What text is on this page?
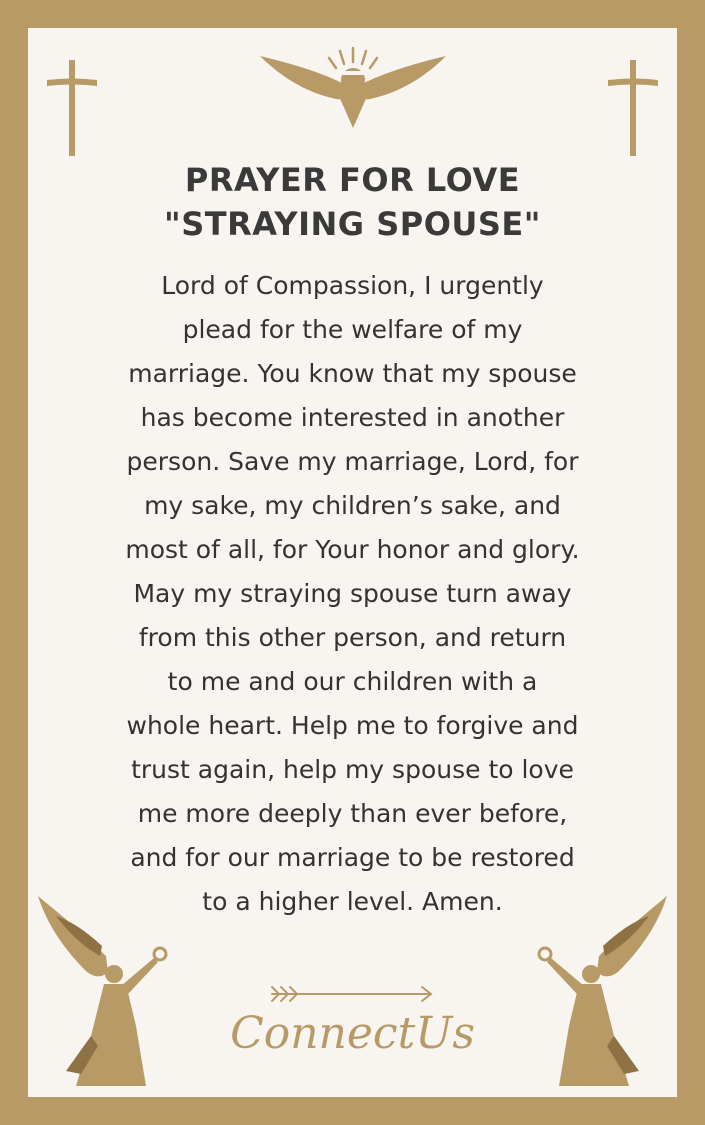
PRAYER FOR LOVE
"STRAYING SPOUSE"
Lord of Compassion, I urgently
plead for the welfare of my
marriage. You know that my spouse
has become interested in another
person. Save my marriage, Lord, for
my sake, my children’s sake, and
most of all, for Your honor and glory.
May my straying spouse turn away
from this other person, and return
to me and our children with a
whole heart. Help me to forgive and
trust again, help my spouse to love
me more deeply than ever before,
and for our marriage to be restored
to a higher level. Amen.
ConnectUs
